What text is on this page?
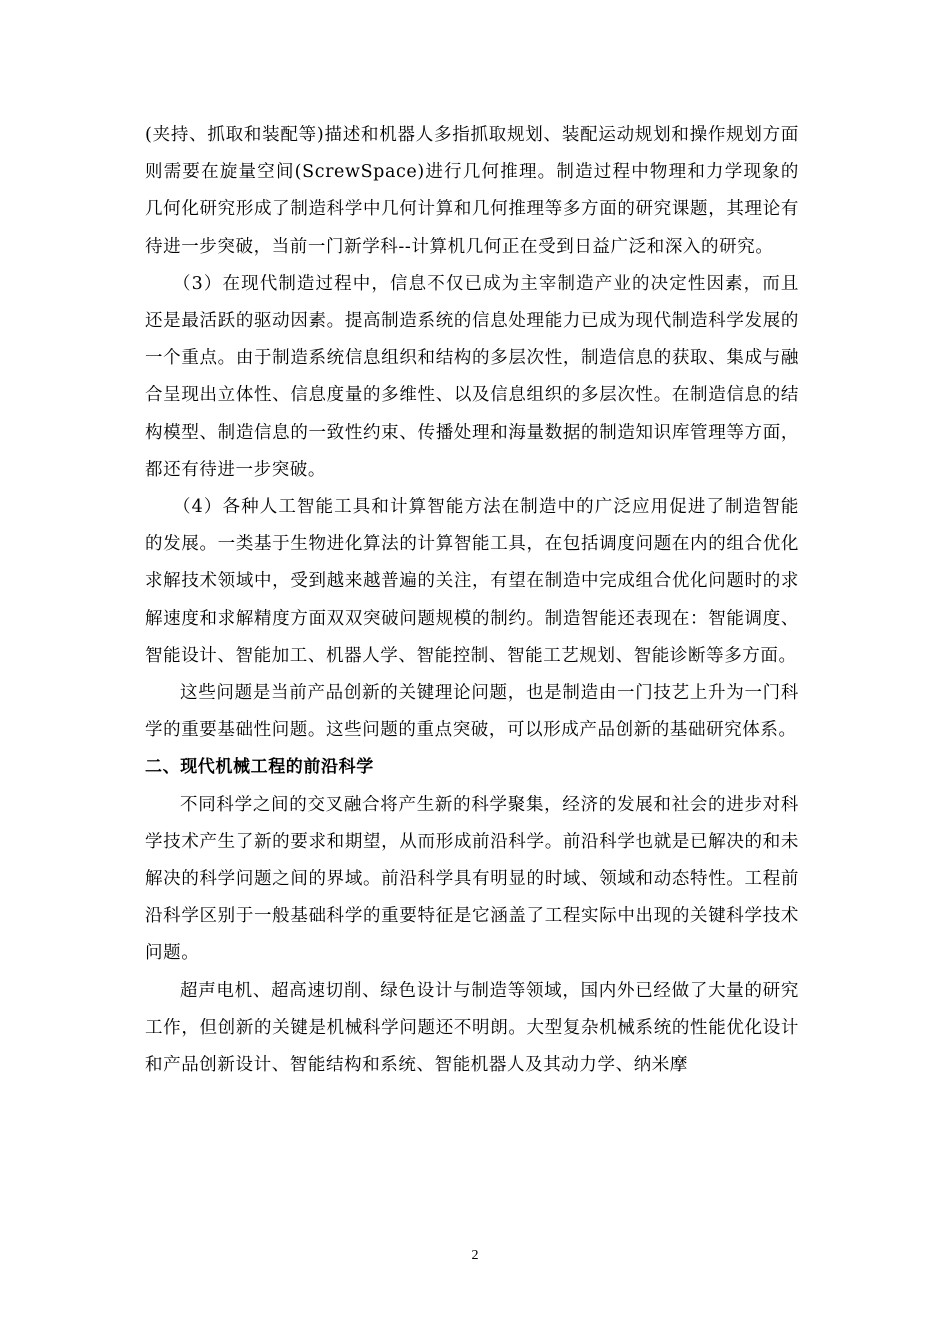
(夹持、抓取和装配等)描述和机器人多指抓取规划、装配运动规划和操作规划方面则需要在旋量空间(ScrewSpace)进行几何推理。制造过程中物理和力学现象的几何化研究形成了制造科学中几何计算和几何推理等多方面的研究课题，其理论有待进一步突破，当前一门新学科--计算机几何正在受到日益广泛和深入的研究。

（3）在现代制造过程中，信息不仅已成为主宰制造产业的决定性因素，而且还是最活跃的驱动因素。提高制造系统的信息处理能力已成为现代制造科学发展的一个重点。由于制造系统信息组织和结构的多层次性，制造信息的获取、集成与融合呈现出立体性、信息度量的多维性、以及信息组织的多层次性。在制造信息的结构模型、制造信息的一致性约束、传播处理和海量数据的制造知识库管理等方面，都还有待进一步突破。

（4）各种人工智能工具和计算智能方法在制造中的广泛应用促进了制造智能的发展。一类基于生物进化算法的计算智能工具，在包括调度问题在内的组合优化求解技术领域中，受到越来越普遍的关注，有望在制造中完成组合优化问题时的求解速度和求解精度方面双双突破问题规模的制约。制造智能还表现在：智能调度、智能设计、智能加工、机器人学、智能控制、智能工艺规划、智能诊断等多方面。

这些问题是当前产品创新的关键理论问题，也是制造由一门技艺上升为一门科学的重要基础性问题。这些问题的重点突破，可以形成产品创新的基础研究体系。

二、现代机械工程的前沿科学

不同科学之间的交叉融合将产生新的科学聚集，经济的发展和社会的进步对科学技术产生了新的要求和期望，从而形成前沿科学。前沿科学也就是已解决的和未解决的科学问题之间的界域。前沿科学具有明显的时域、领域和动态特性。工程前沿科学区别于一般基础科学的重要特征是它涵盖了工程实际中出现的关键科学技术问题。

超声电机、超高速切削、绿色设计与制造等领域，国内外已经做了大量的研究工作，但创新的关键是机械科学问题还不明朗。大型复杂机械系统的性能优化设计和产品创新设计、智能结构和系统、智能机器人及其动力学、纳米摩

2
